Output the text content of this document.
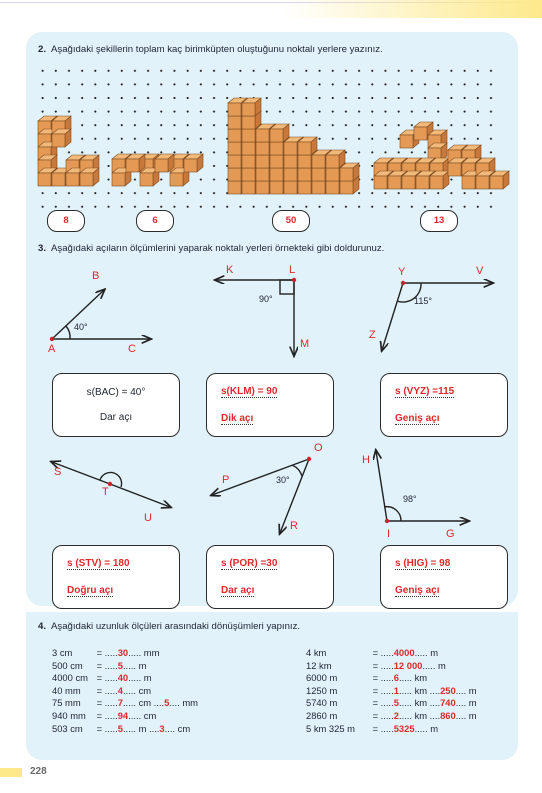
2. Aşağıdaki şekillerin toplam kaç birimküpten oluştuğunu noktalı yerlere yazınız.
8	6	50	13
3. Aşağıdaki açıların ölçümlerini yaparak noktalı yerleri örnekteki gibi doldurunuz.
B
A	C
40°
K	L
M
90°
Y	V
Z
115°
S
T
U
O
P
R
30°
H
I	G
98°
s(BAC) = 40°
Dar açı
s(KLM) = 90
Dik açı
s (VYZ) =115
Geniş açı
s (STV) = 180
Doğru açı
s (POR) =30
Dar açı
s (HIG) = 98
Geniş açı
4. Aşağıdaki uzunluk ölçüleri arasındaki dönüşümleri yapınız.
3 cm = .....30..... mm
500 cm = .....5..... m
4000 cm = .....40..... m
40 mm = .....4..... cm
75 mm = .....7..... cm ....5.... mm
940 mm = .....94..... cm
503 cm = .....5..... m ....3.... cm
4 km	= .....4000..... m
12 km	= .....12 000..... m
6000 m	= .....6..... km
1250 m	= .....1..... km ....250.... m
5740 m	= .....5..... km ....740.... m
2860 m	= .....2..... km ....860.... m
5 km 325 m = .....5325..... m
228
